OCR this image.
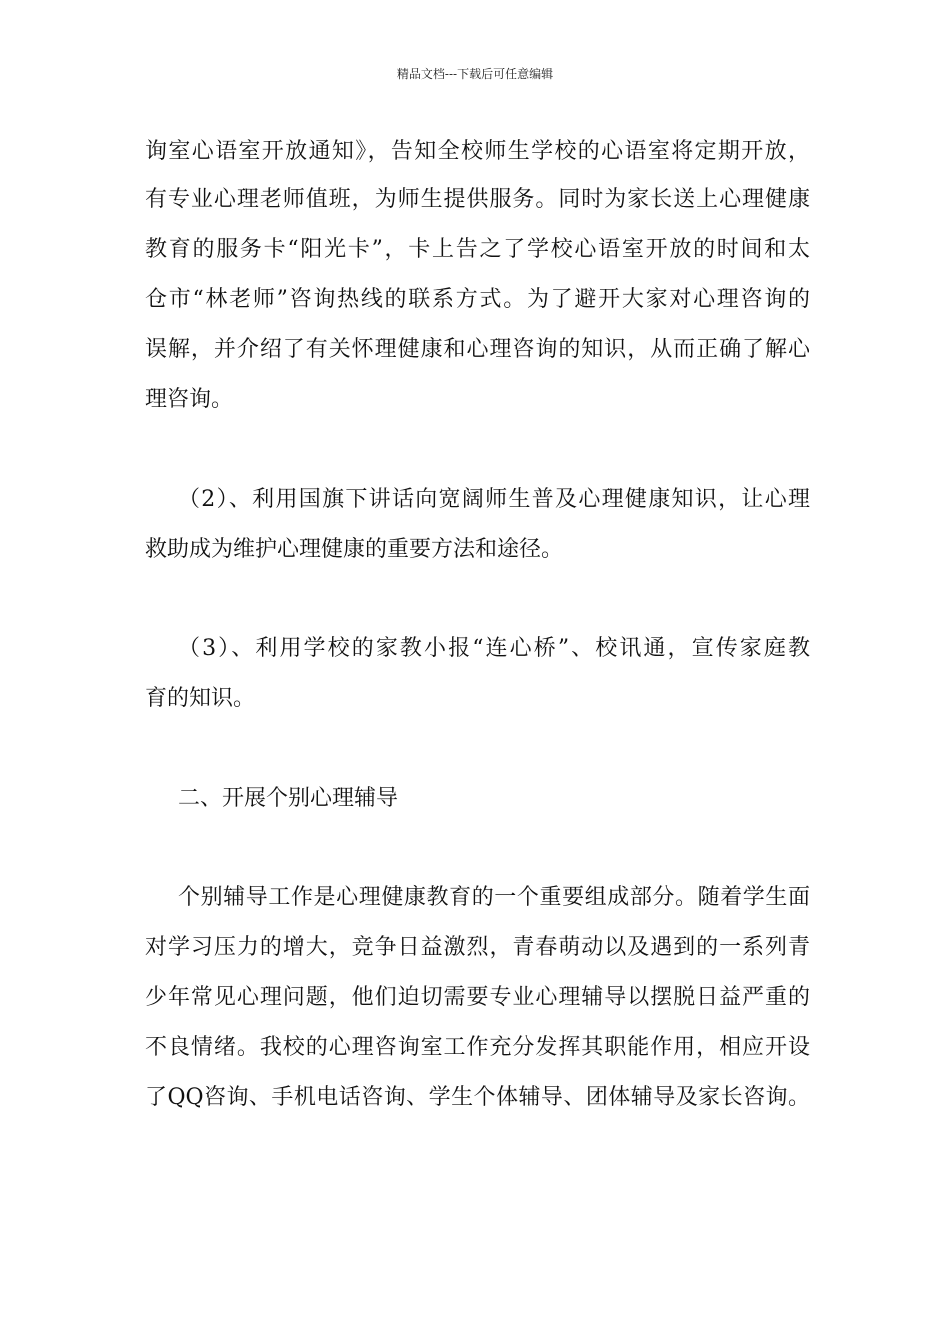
精品文档---下载后可任意编辑
询室心语室开放通知》，告知全校师生学校的心语室将定期开放，
有专业心理老师值班，为师生提供服务。同时为家长送上心理健康
教育的服务卡“阳光卡”，卡上告之了学校心语室开放的时间和太
仓市“林老师”咨询热线的联系方式。为了避开大家对心理咨询的
误解，并介绍了有关怀理健康和心理咨询的知识，从而正确了解心
理咨询。
（2）、利用国旗下讲话向宽阔师生普及心理健康知识，让心理
救助成为维护心理健康的重要方法和途径。
（3）、利用学校的家教小报“连心桥”、校讯通，宣传家庭教
育的知识。
二、开展个别心理辅导
个别辅导工作是心理健康教育的一个重要组成部分。随着学生面
对学习压力的增大，竞争日益激烈，青春萌动以及遇到的一系列青
少年常见心理问题，他们迫切需要专业心理辅导以摆脱日益严重的
不良情绪。我校的心理咨询室工作充分发挥其职能作用，相应开设
了QQ咨询、手机电话咨询、学生个体辅导、团体辅导及家长咨询。
